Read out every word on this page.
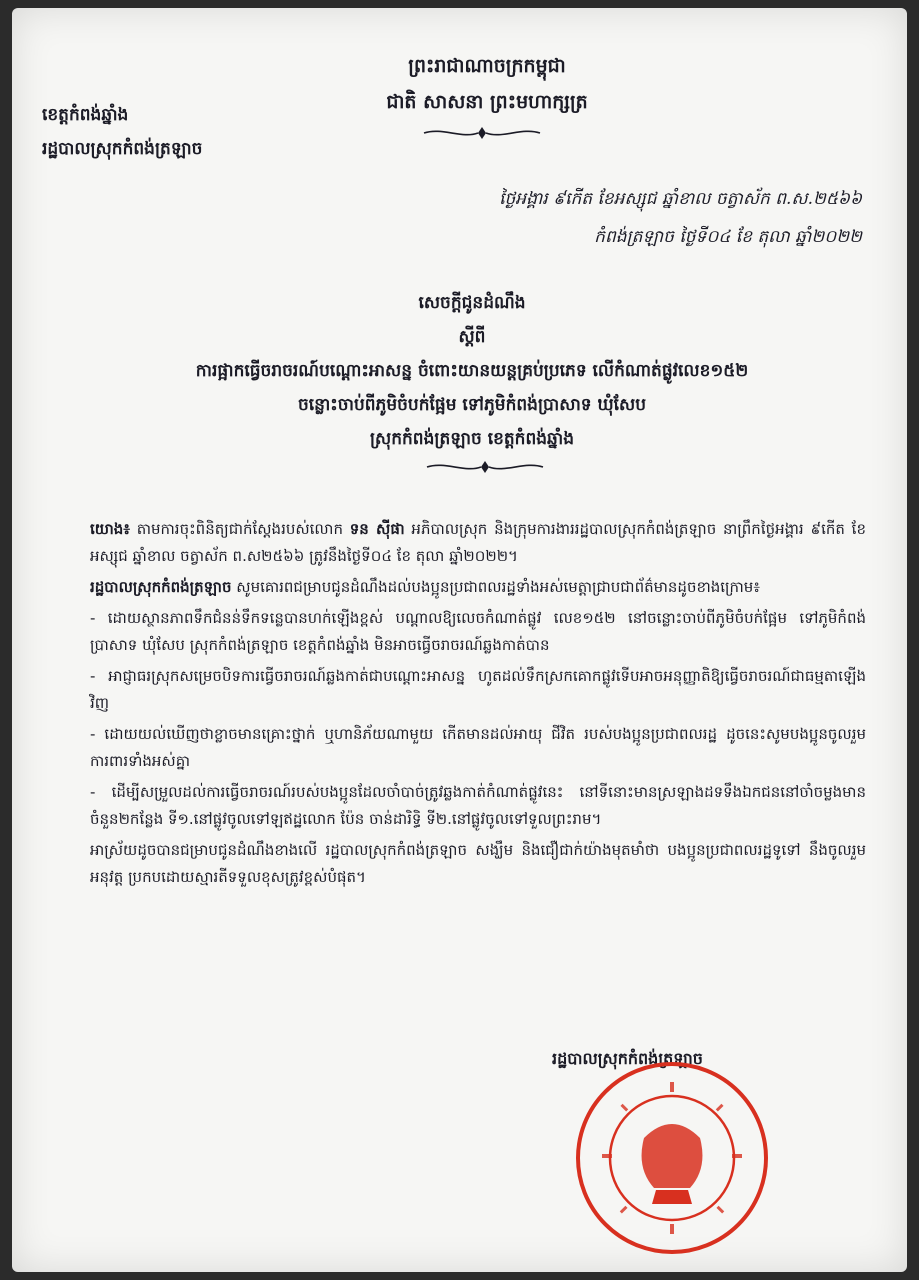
ព្រះរាជាណាចក្រកម្ពុជា
ជាតិ សាសនា ព្រះមហាក្សត្រ
ខេត្តកំពង់ឆ្នាំង
រដ្ឋបាលស្រុកកំពង់ត្រឡាច
ថ្ងៃអង្គារ ៩កើត ខែអស្សុជ ឆ្នាំខាល ចត្វាស័ក ព.ស.២៥៦៦
កំពង់ត្រឡាច ថ្ងៃទី០៤ ខែ តុលា ឆ្នាំ២០២២
សេចក្តីជូនដំណឹង
ស្តីពី
ការផ្អាកធ្វើចរាចរណ៍បណ្តោះអាសន្ន ចំពោះយានយន្តគ្រប់ប្រភេទ លើកំណាត់ផ្លូវលេខ១៥២
ចន្លោះចាប់ពីភូមិចំបក់ផ្អែម ទៅភូមិកំពង់ប្រាសាទ ឃុំសែប
ស្រុកកំពង់ត្រឡាច ខេត្តកំពង់ឆ្នាំង

យោង៖ តាមការចុះពិនិត្យជាក់ស្តែងរបស់លោក ទន ស៊ីផា អភិបាលស្រុក និងក្រុមការងាររដ្ឋបាលស្រុកកំពង់ត្រឡាច នាព្រឹកថ្ងៃអង្គារ ៩កើត ខែអស្សុជ ឆ្នាំខាល ចត្វាស័ក ព.ស២៥៦៦ ត្រូវនឹងថ្ងៃទី០៤ ខែ តុលា ឆ្នាំ២០២២។

រដ្ឋបាលស្រុកកំពង់ត្រឡាច សូមគោរពជម្រាបជូនដំណឹងដល់បងប្អូនប្រជាពលរដ្ឋទាំងអស់មេត្តាជ្រាបជាព័ត៌មានដូចខាងក្រោម៖

- ដោយស្ថានភាពទឹកជំនន់ទឹកទន្លេបានហក់ឡើងខ្ពស់ បណ្តាលឱ្យលេចកំណាត់ផ្លូវ លេខ១៥២ នៅចន្លោះចាប់ពីភូមិចំបក់ផ្អែម ទៅភូមិកំពង់ប្រាសាទ ឃុំសែប ស្រុកកំពង់ត្រឡាច ខេត្តកំពង់ឆ្នាំង មិនអាចធ្វើចរាចរណ៍ឆ្លងកាត់បាន

- អាជ្ញាធរស្រុកសម្រេចបិទការធ្វើចរាចរណ៍ឆ្លងកាត់ជាបណ្តោះអាសន្ន ហូតដល់ទឹកស្រកគោកផ្លូវទើបអាចអនុញ្ញាតិឱ្យធ្វើចរាចរណ៍ជាធម្មតាឡើងវិញ

- ដោយយល់ឃើញថាខ្លាចមានគ្រោះថ្នាក់ ឬហានិភ័យណាមួយ កើតមានដល់អាយុ ជីវិត របស់បងប្អូនប្រជាពលរដ្ឋ ដូចនេះសូមបងប្អូនចូលរួមការពារទាំងអស់គ្នា

- ដើម្បីសម្រួលដល់ការធ្វើចរាចរណ៍របស់បងប្អូនដែលចាំបាច់ត្រូវឆ្លងកាត់កំណាត់ផ្លូវនេះ នៅទីនោះមានស្រឡាងដទទឹងឯកជននៅចាំចម្លងមានចំនួន២កន្លែង ទី១.នៅផ្លូវចូលទៅឡឥដ្ឋលោក ប៉ែន ចាន់ដារិទ្ធិ ទី២.នៅផ្លូវចូលទៅទួលព្រះរាម។

អាស្រ័យដូចបានជម្រាបជូនដំណឹងខាងលើ រដ្ឋបាលស្រុកកំពង់ត្រឡាច សង្ឃឹម និងជឿជាក់យ៉ាងមុតមាំថា បងប្អូនប្រជាពលរដ្ឋទូទៅ នឹងចូលរួមអនុវត្ត ប្រកបដោយស្មារតីទទួលខុសត្រូវខ្ពស់បំផុត។

រដ្ឋបាលស្រុកកំពង់ត្រឡាច
